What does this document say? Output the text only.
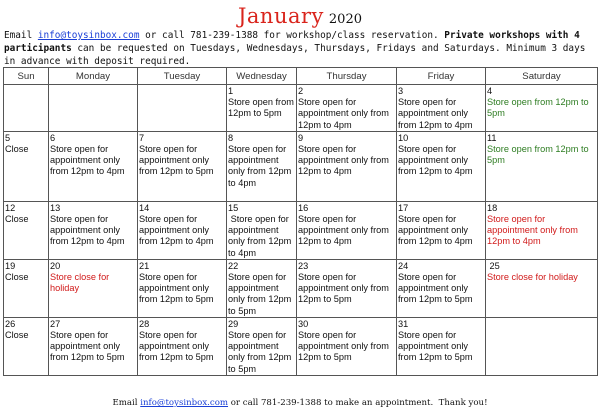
January 2020
Email info@toysinbox.com or call 781-239-1388 for workshop/class reservation. Private workshops with 4 participants can be requested on Tuesdays, Wednesdays, Thursdays, Fridays and Saturdays. Minimum 3 days in advance with deposit required.
Sun	Monday	Tuesday	Wednesday	Thursday	Friday	Saturday

			1
Store open from 12pm to 5pm	2
Store open for appointment only from 12pm to 4pm	3
Store open for appointment only from 12pm to 4pm	4
Store open from 12pm to 5pm

5
Close	6
Store open for appointment only from 12pm to 4pm	7
Store open for appointment only from 12pm to 5pm	8
Store open for appointment only from 12pm to 4pm	9
Store open for appointment only from 12pm to 4pm	10
Store open for appointment only from 12pm to 4pm	11
Store open from 12pm to 5pm

12
Close	13
Store open for appointment only from 12pm to 4pm	14
Store open for appointment only from 12pm to 4pm	15
Store open for appointment only from 12pm to 4pm	16
Store open for appointment only from 12pm to 4pm	17
Store open for appointment only from 12pm to 4pm	18
Store open for appointment only from 12pm to 4pm

19
Close	20
Store close for holiday	21
Store open for appointment only from 12pm to 5pm	22
Store open for appointment only from 12pm to 5pm	23
Store open for appointment only from 12pm to 5pm	24
Store open for appointment only from 12pm to 5pm	25
Store close for holiday

26
Close	27
Store open for appointment only from 12pm to 5pm	28
Store open for appointment only from 12pm to 5pm	29
Store open for appointment only from 12pm to 5pm	30
Store open for appointment only from 12pm to 5pm	31
Store open for appointment only from 12pm to 5pm	

Email info@toysinbox.com or call 781-239-1388 to make an appointment.  Thank you!
